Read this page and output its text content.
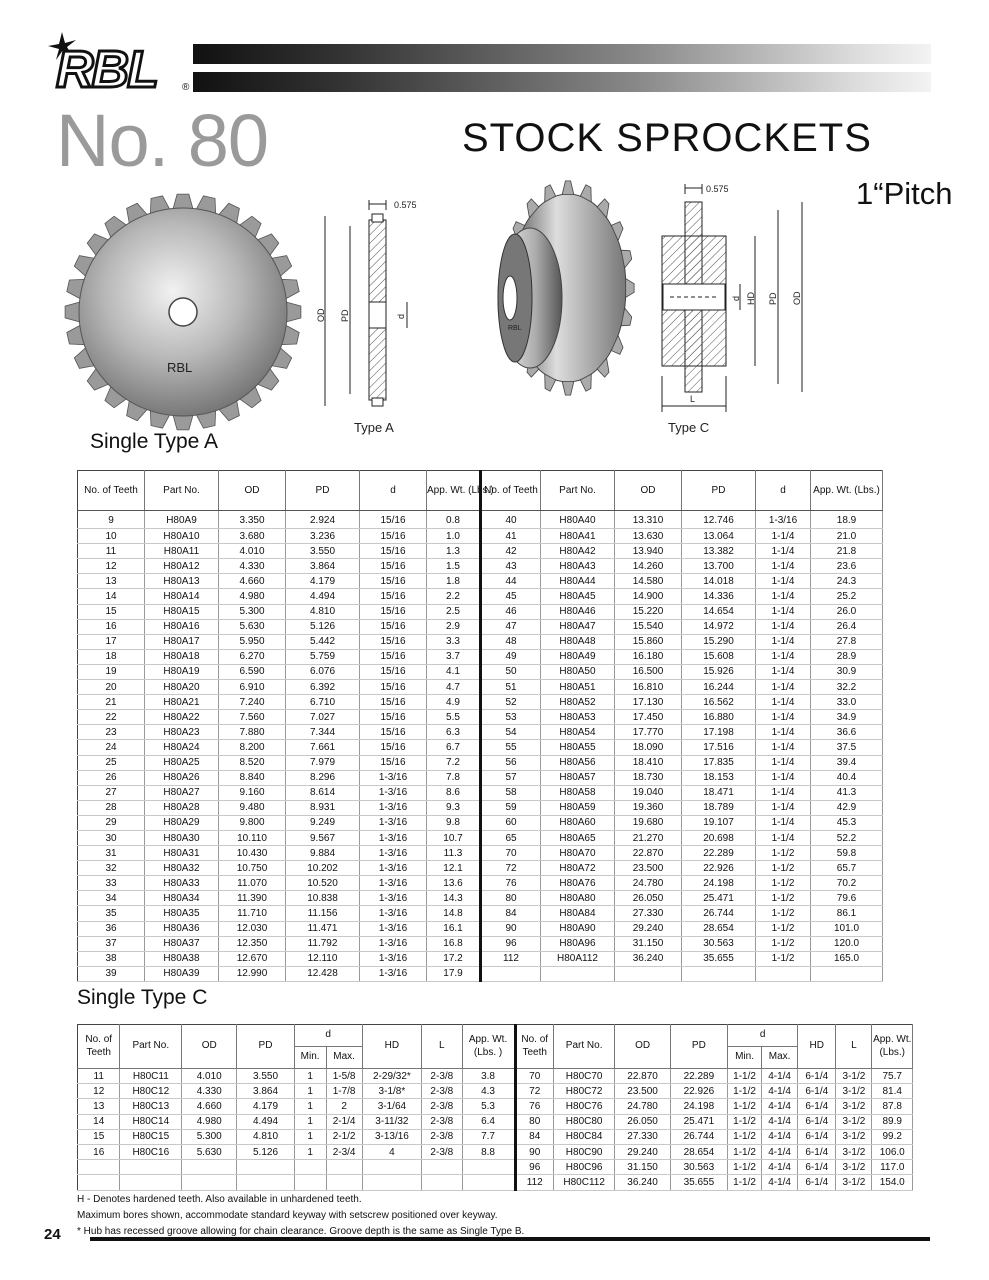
RBL	®
No. 80	STOCK SPROCKETS
1“Pitch
RBL
0.575
OD PD	d
RBL
0.575
d HD PD OD
L
Type A	Type C
Single Type A
No. of Teeth	Part No.	OD	PD	d	App. Wt. (Lbs.)	No. of Teeth	Part No.	OD	PD	d	App. Wt. (Lbs.)

9	H80A9	3.350	2.924	15/16	0.8	40	H80A40	13.310	12.746	1-3/16	18.9
10	H80A10	3.680	3.236	15/16	1.0	41	H80A41	13.630	13.064	1-1/4	21.0
11	H80A11	4.010	3.550	15/16	1.3	42	H80A42	13.940	13.382	1-1/4	21.8
12	H80A12	4.330	3.864	15/16	1.5	43	H80A43	14.260	13.700	1-1/4	23.6
13	H80A13	4.660	4.179	15/16	1.8	44	H80A44	14.580	14.018	1-1/4	24.3
14	H80A14	4.980	4.494	15/16	2.2	45	H80A45	14.900	14.336	1-1/4	25.2
15	H80A15	5.300	4.810	15/16	2.5	46	H80A46	15.220	14.654	1-1/4	26.0
16	H80A16	5.630	5.126	15/16	2.9	47	H80A47	15.540	14.972	1-1/4	26.4
17	H80A17	5.950	5.442	15/16	3.3	48	H80A48	15.860	15.290	1-1/4	27.8
18	H80A18	6.270	5.759	15/16	3.7	49	H80A49	16.180	15.608	1-1/4	28.9
19	H80A19	6.590	6.076	15/16	4.1	50	H80A50	16.500	15.926	1-1/4	30.9
20	H80A20	6.910	6.392	15/16	4.7	51	H80A51	16.810	16.244	1-1/4	32.2
21	H80A21	7.240	6.710	15/16	4.9	52	H80A52	17.130	16.562	1-1/4	33.0
22	H80A22	7.560	7.027	15/16	5.5	53	H80A53	17.450	16.880	1-1/4	34.9
23	H80A23	7.880	7.344	15/16	6.3	54	H80A54	17.770	17.198	1-1/4	36.6
24	H80A24	8.200	7.661	15/16	6.7	55	H80A55	18.090	17.516	1-1/4	37.5
25	H80A25	8.520	7.979	15/16	7.2	56	H80A56	18.410	17.835	1-1/4	39.4
26	H80A26	8.840	8.296	1-3/16	7.8	57	H80A57	18.730	18.153	1-1/4	40.4
27	H80A27	9.160	8.614	1-3/16	8.6	58	H80A58	19.040	18.471	1-1/4	41.3
28	H80A28	9.480	8.931	1-3/16	9.3	59	H80A59	19.360	18.789	1-1/4	42.9
29	H80A29	9.800	9.249	1-3/16	9.8	60	H80A60	19.680	19.107	1-1/4	45.3
30	H80A30	10.110	9.567	1-3/16	10.7	65	H80A65	21.270	20.698	1-1/4	52.2
31	H80A31	10.430	9.884	1-3/16	11.3	70	H80A70	22.870	22.289	1-1/2	59.8
32	H80A32	10.750	10.202	1-3/16	12.1	72	H80A72	23.500	22.926	1-1/2	65.7
33	H80A33	11.070	10.520	1-3/16	13.6	76	H80A76	24.780	24.198	1-1/2	70.2
34	H80A34	11.390	10.838	1-3/16	14.3	80	H80A80	26.050	25.471	1-1/2	79.6
35	H80A35	11.710	11.156	1-3/16	14.8	84	H80A84	27.330	26.744	1-1/2	86.1
36	H80A36	12.030	11.471	1-3/16	16.1	90	H80A90	29.240	28.654	1-1/2	101.0
37	H80A37	12.350	11.792	1-3/16	16.8	96	H80A96	31.150	30.563	1-1/2	120.0
38	H80A38	12.670	12.110	1-3/16	17.2	112	H80A112	36.240	35.655	1-1/2	165.0
39	H80A39	12.990	12.428	1-3/16	17.9						
Single Type C
No. of
Teeth	Part No.	OD	PD	d		HD	L	App. Wt.
(Lbs. )	No. of
Teeth	Part No.	OD	PD	d		HD	L	App. Wt.
(Lbs.)
				Min.	Max.								Min.	Max.			
11	H80C11	4.010	3.550	1	1-5/8	2-29/32*	2-3/8	3.8	70	H80C70	22.870	22.289	1-1/2	4-1/4	6-1/4	3-1/2	75.7
12	H80C12	4.330	3.864	1	1-7/8	3-1/8*	2-3/8	4.3	72	H80C72	23.500	22.926	1-1/2	4-1/4	6-1/4	3-1/2	81.4
13	H80C13	4.660	4.179	1	2	3-1/64	2-3/8	5.3	76	H80C76	24.780	24.198	1-1/2	4-1/4	6-1/4	3-1/2	87.8
14	H80C14	4.980	4.494	1	2-1/4	3-11/32	2-3/8	6.4	80	H80C80	26.050	25.471	1-1/2	4-1/4	6-1/4	3-1/2	89.9
15	H80C15	5.300	4.810	1	2-1/2	3-13/16	2-3/8	7.7	84	H80C84	27.330	26.744	1-1/2	4-1/4	6-1/4	3-1/2	99.2
16	H80C16	5.630	5.126	1	2-3/4	4	2-3/8	8.8	90	H80C90	29.240	28.654	1-1/2	4-1/4	6-1/4	3-1/2	106.0
									96	H80C96	31.150	30.563	1-1/2	4-1/4	6-1/4	3-1/2	117.0
									112	H80C112	36.240	35.655	1-1/2	4-1/4	6-1/4	3-1/2	154.0
H - Denotes hardened teeth. Also available in unhardened teeth.
Maximum bores shown, accommodate standard keyway with setscrew positioned over keyway.
* Hub has recessed groove allowing for chain clearance. Groove depth is the same as Single Type B.
24
